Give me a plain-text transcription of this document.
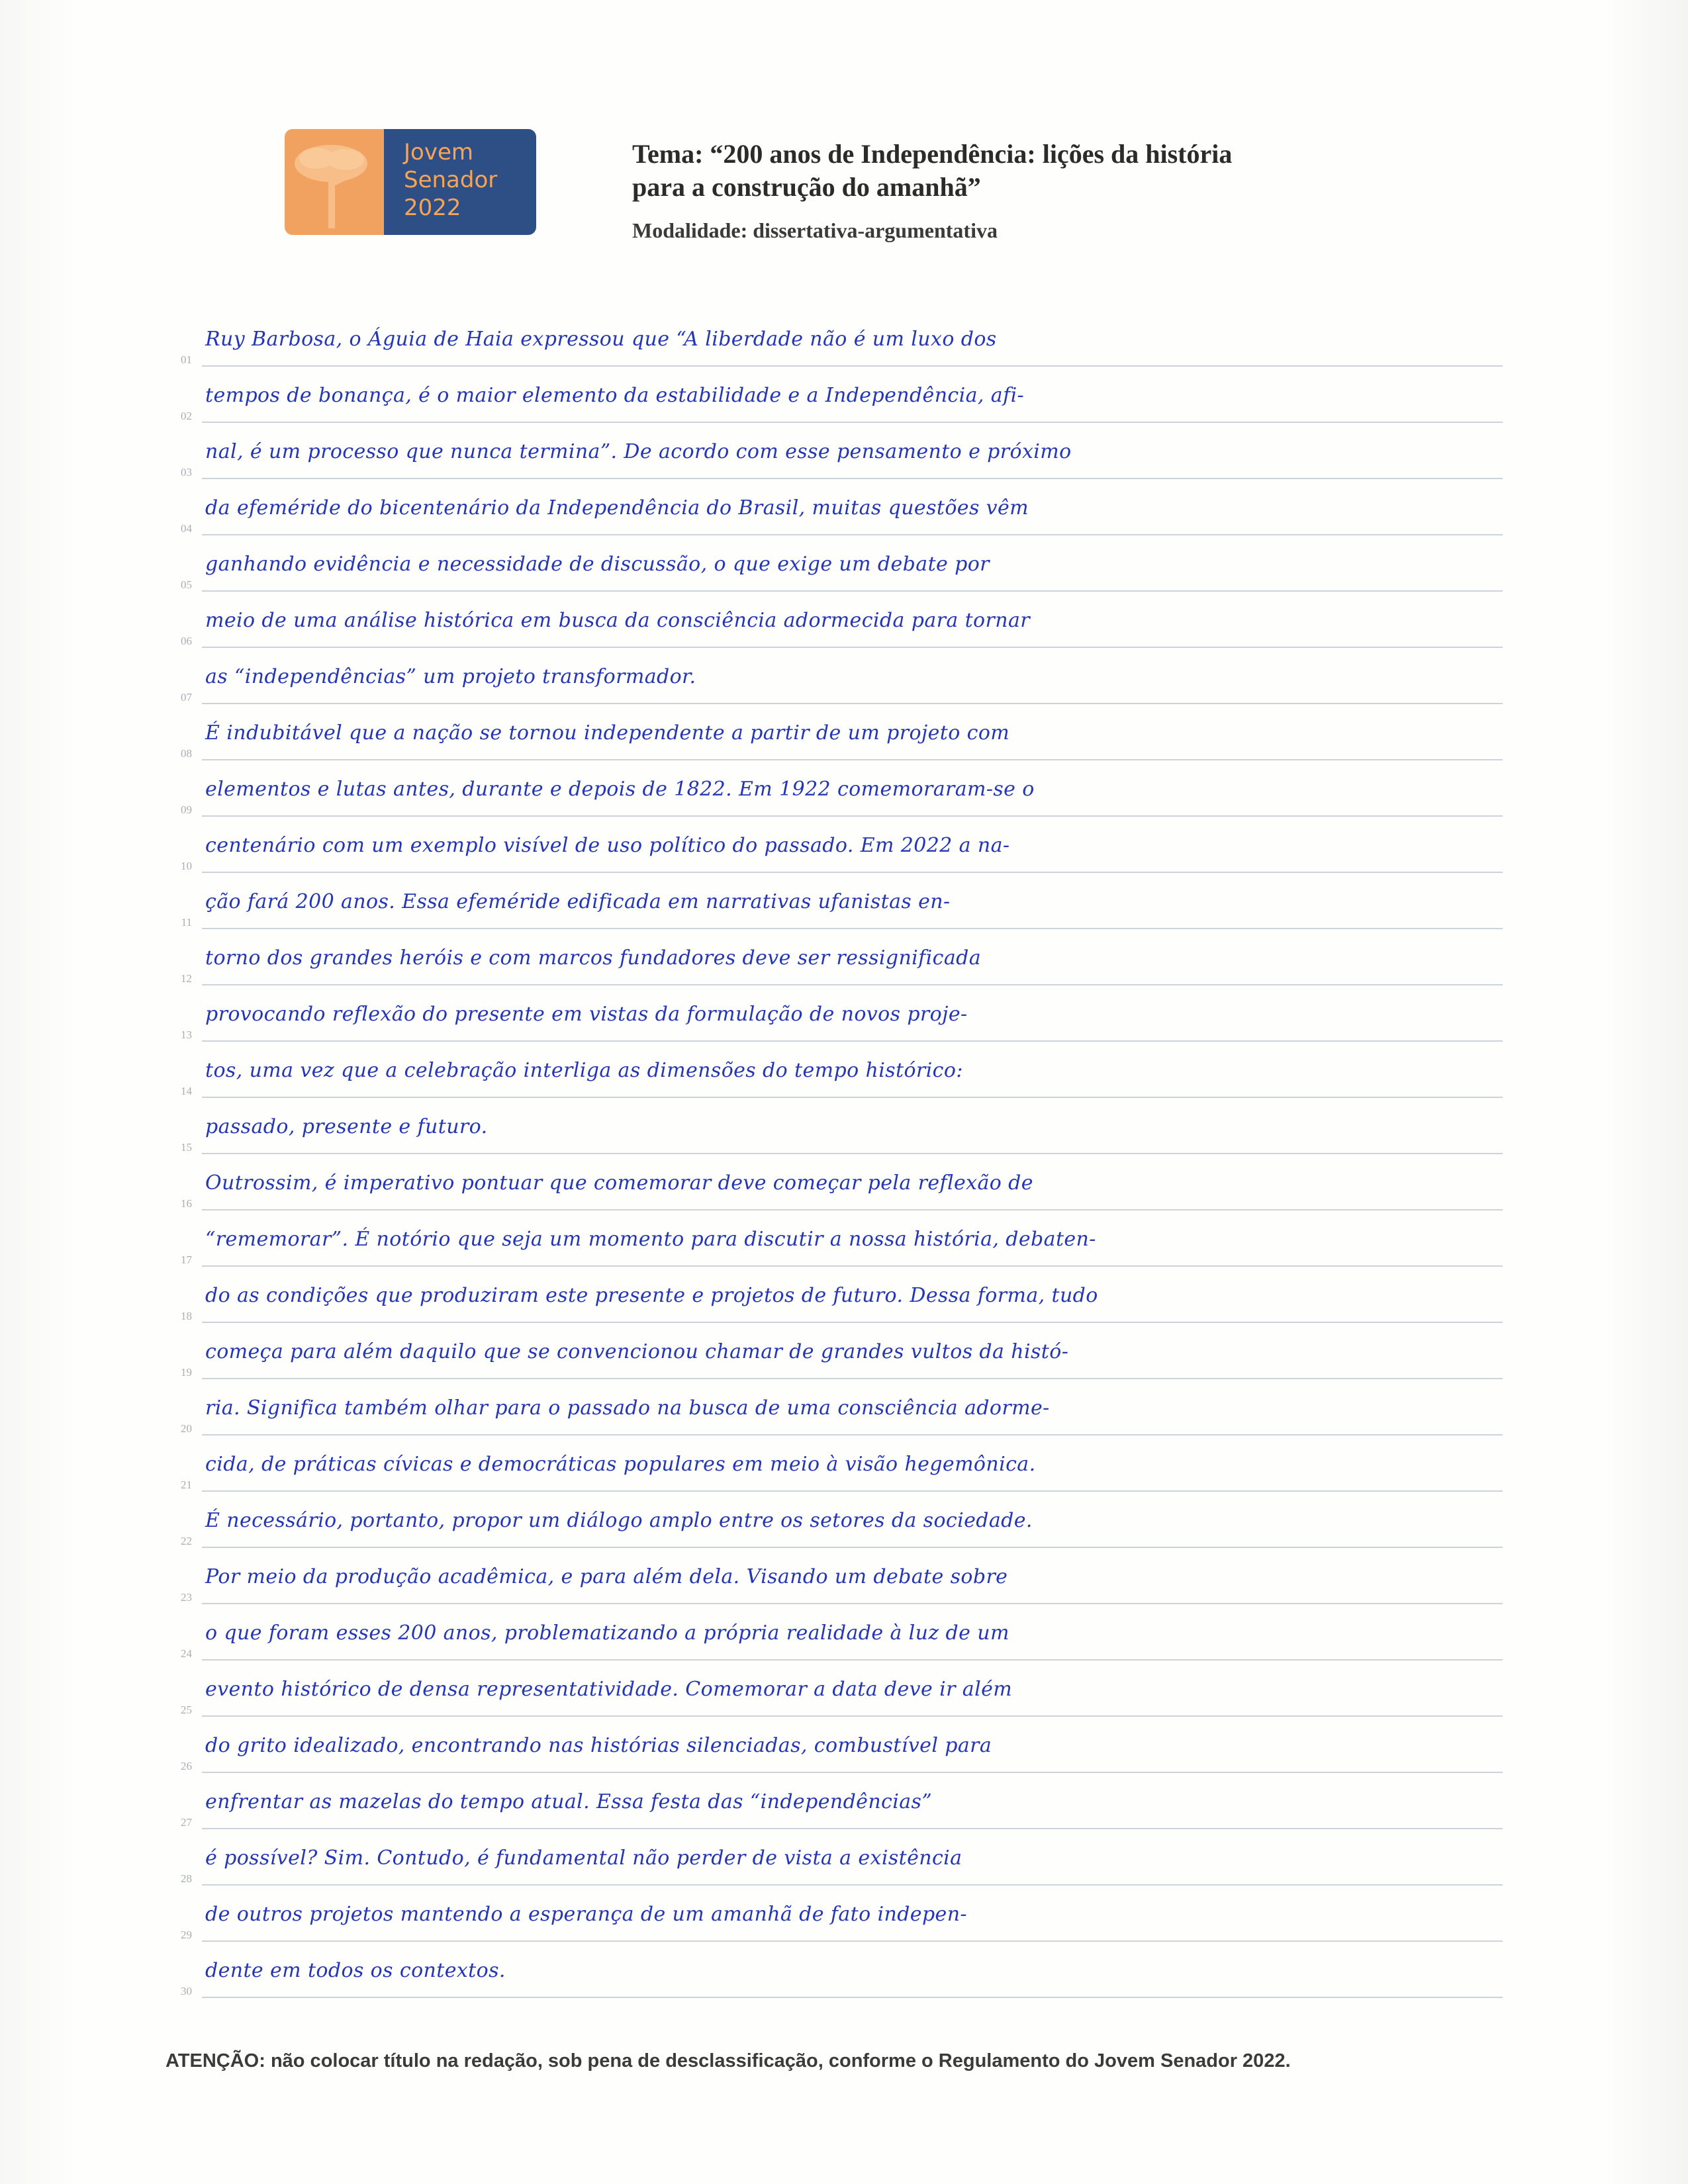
Jovem
Senador
2022
Tema: “200 anos de Independência: lições da história
para a construção do amanhã”
Modalidade: dissertativa-argumentativa
01
Ruy Barbosa, o Águia de Haia expressou que “A liberdade não é um luxo dos
02
tempos de bonança, é o maior elemento da estabilidade e a Independência, afi-
03
nal, é um processo que nunca termina”. De acordo com esse pensamento e próximo
04
da efeméride do bicentenário da Independência do Brasil, muitas questões vêm
05
ganhando evidência e necessidade de discussão, o que exige um debate por
06
meio de uma análise histórica em busca da consciência adormecida para tornar
07
as “independências” um projeto transformador.
08
É indubitável que a nação se tornou independente a partir de um projeto com
09
elementos e lutas antes, durante e depois de 1822. Em 1922 comemoraram-se o
10
centenário com um exemplo visível de uso político do passado. Em 2022 a na-
11
ção fará 200 anos. Essa efeméride edificada em narrativas ufanistas en-
12
torno dos grandes heróis e com marcos fundadores deve ser ressignificada
13
provocando reflexão do presente em vistas da formulação de novos proje-
14
tos, uma vez que a celebração interliga as dimensões do tempo histórico:
15
passado, presente e futuro.
16
Outrossim, é imperativo pontuar que comemorar deve começar pela reflexão de
17
“rememorar”. É notório que seja um momento para discutir a nossa história, debaten-
18
do as condições que produziram este presente e projetos de futuro. Dessa forma, tudo
19
começa para além daquilo que se convencionou chamar de grandes vultos da histó-
20
ria. Significa também olhar para o passado na busca de uma consciência adorme-
21
cida, de práticas cívicas e democráticas populares em meio à visão hegemônica.
22
É necessário, portanto, propor um diálogo amplo entre os setores da sociedade.
23
Por meio da produção acadêmica, e para além dela. Visando um debate sobre
24
o que foram esses 200 anos, problematizando a própria realidade à luz de um
25
evento histórico de densa representatividade. Comemorar a data deve ir além
26
do grito idealizado, encontrando nas histórias silenciadas, combustível para
27
enfrentar as mazelas do tempo atual. Essa festa das “independências”
28
é possível? Sim. Contudo, é fundamental não perder de vista a existência
29
de outros projetos mantendo a esperança de um amanhã de fato indepen-
30
dente em todos os contextos.
ATENÇÃO: não colocar título na redação, sob pena de desclassificação, conforme o Regulamento do Jovem Senador 2022.
